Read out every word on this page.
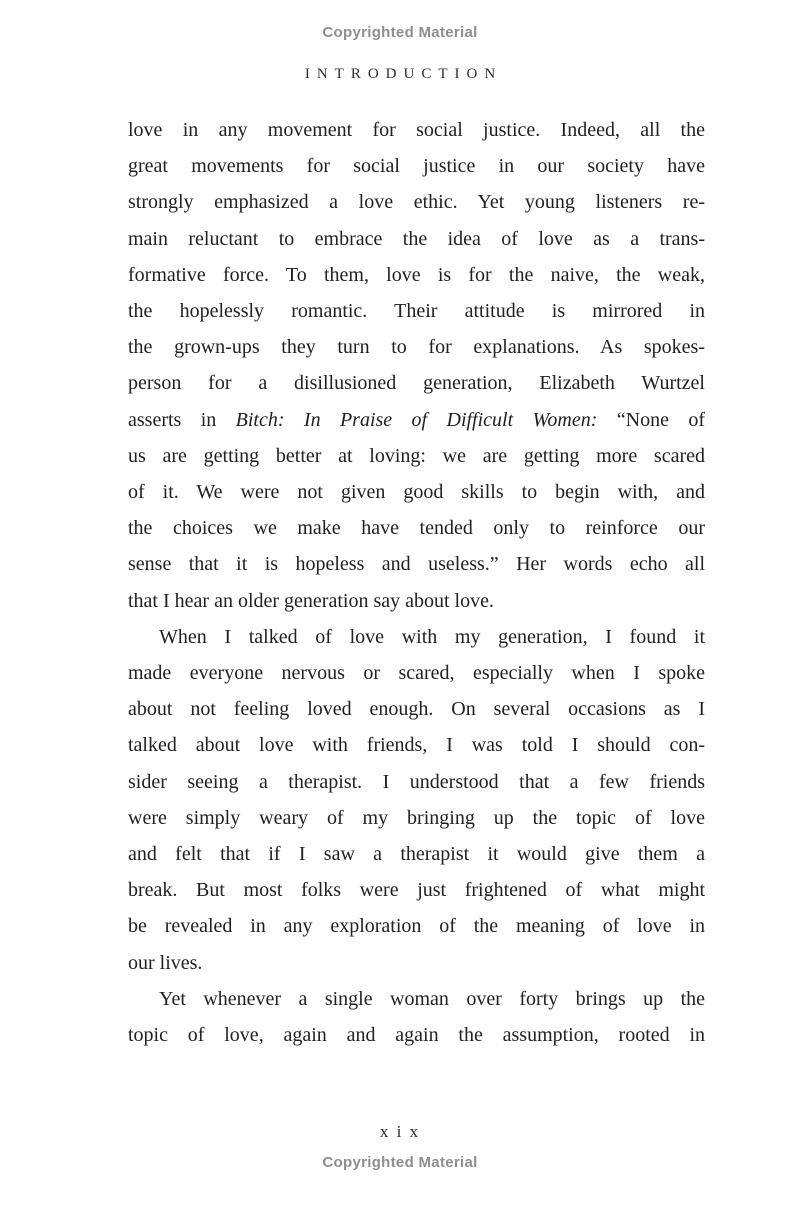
Copyrighted Material
INTRODUCTION
love in any movement for social justice. Indeed, all the
great movements for social justice in our society have
strongly emphasized a love ethic. Yet young listeners re-
main reluctant to embrace the idea of love as a trans-
formative force. To them, love is for the naive, the weak,
the hopelessly romantic. Their attitude is mirrored in
the grown-ups they turn to for explanations. As spokes-
person for a disillusioned generation, Elizabeth Wurtzel
asserts in Bitch: In Praise of Difficult Women: “None of
us are getting better at loving: we are getting more scared
of it. We were not given good skills to begin with, and
the choices we make have tended only to reinforce our
sense that it is hopeless and useless.” Her words echo all
that I hear an older generation say about love.
When I talked of love with my generation, I found it
made everyone nervous or scared, especially when I spoke
about not feeling loved enough. On several occasions as I
talked about love with friends, I was told I should con-
sider seeing a therapist. I understood that a few friends
were simply weary of my bringing up the topic of love
and felt that if I saw a therapist it would give them a
break. But most folks were just frightened of what might
be revealed in any exploration of the meaning of love in
our lives.
Yet whenever a single woman over forty brings up the
topic of love, again and again the assumption, rooted in
x i x
Copyrighted Material
